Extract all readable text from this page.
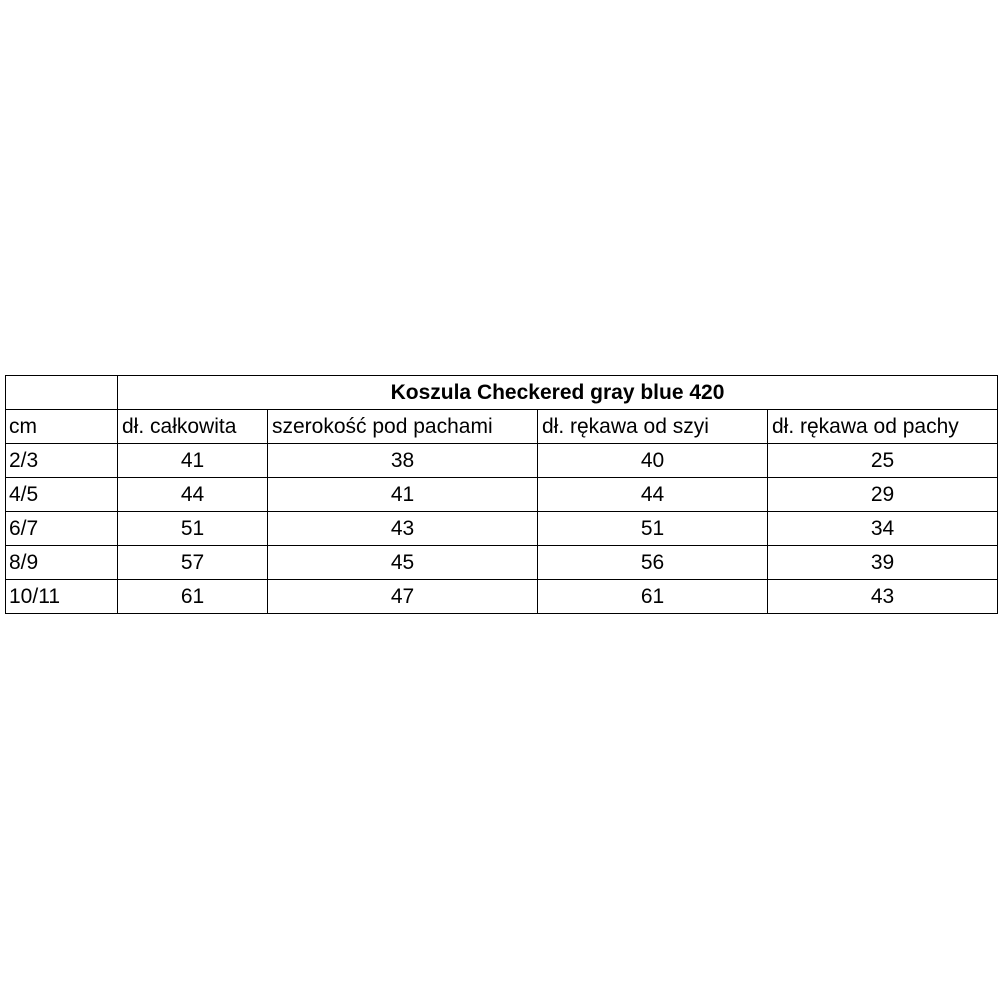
	Koszula Checkered gray blue 420			
cm	dł. całkowita	szerokość pod pachami	dł. rękawa od szyi	dł. rękawa od pachy
2/3	41	38	40	25
4/5	44	41	44	29
6/7	51	43	51	34
8/9	57	45	56	39
10/11	61	47	61	43
